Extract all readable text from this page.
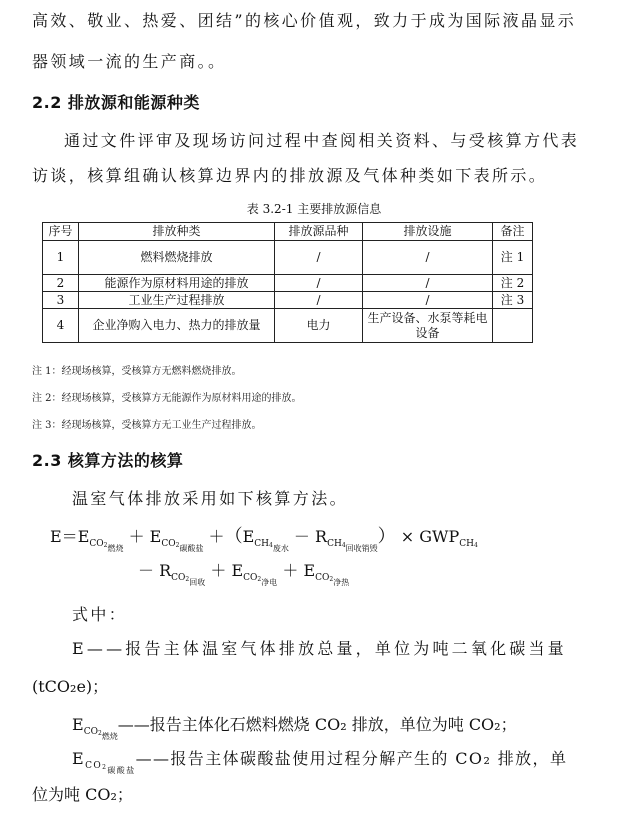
高效、敬业、热爱、团结”的核心价值观，致力于成为国际液晶显示
器领域一流的生产商。。
2.2 排放源和能源种类
通过文件评审及现场访问过程中查阅相关资料、与受核算方代表
访谈，核算组确认核算边界内的排放源及气体种类如下表所示。
表 3.2-1 主要排放源信息
序号	排放种类	排放源品种	排放设施	备注
1	燃料燃烧排放	/	/	注 1
2	能源作为原材料用途的排放	/	/	注 2
3	工业生产过程排放	/	/	注 3
4	企业净购入电力、热力的排放量	电力	生产设备、水泵等耗电设备	
注 1：经现场核算，受核算方无燃料燃烧排放。
注 2：经现场核算，受核算方无能源作为原材料用途的排放。
注 3：经现场核算，受核算方无工业生产过程排放。
2.3 核算方法的核算
温室气体排放采用如下核算方法。
$E=E_{CO2燃烧} + E_{CO2碳酸盐} +(E_{CH4废水} - R_{CH4回收销毁}) \times GWP_{CH4}$
－ $R_{CO2回收} + E_{CO2净电} + E_{CO2净热}$
式中：
E——报告主体温室气体排放总量，单位为吨二氧化碳当量
(tCO₂e)；
$E_{CO2燃烧}——$报告主体化石燃料燃烧 CO₂ 排放，单位为吨 CO₂；
$E_{CO2碳酸盐}——$报告主体碳酸盐使用过程分解产生的 CO₂ 排放，单
位为吨 CO₂；
